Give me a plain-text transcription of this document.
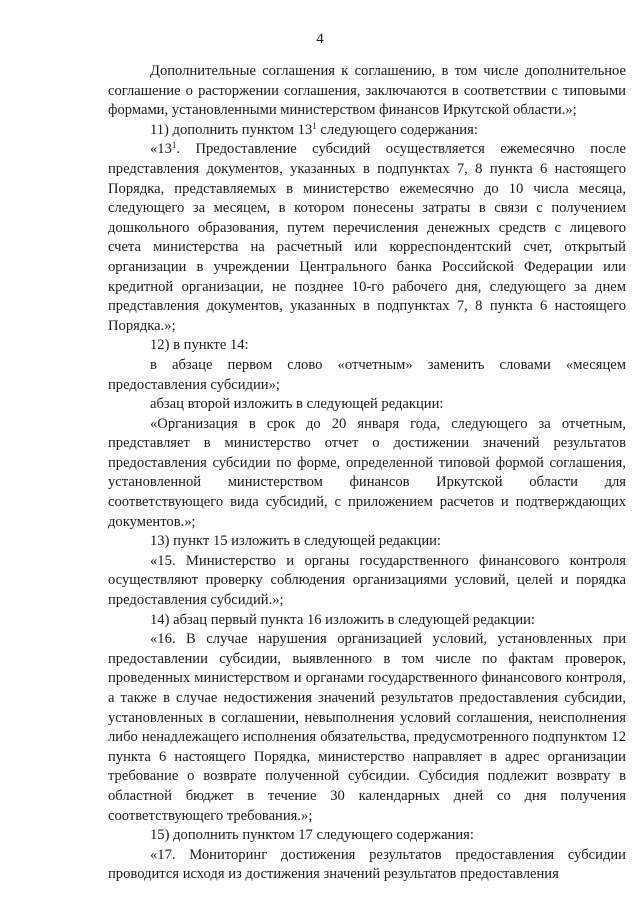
4

Дополнительные соглашения к соглашению, в том числе дополнительное соглашение о расторжении соглашения, заключаются в соответствии с типовыми формами, установленными министерством финансов Иркутской области.»;

11) дополнить пунктом $13^1$ следующего содержания:

«$13^1$. Предоставление субсидий осуществляется ежемесячно после представления документов, указанных в подпунктах 7, 8 пункта 6 настоящего Порядка, представляемых в министерство ежемесячно до 10 числа месяца, следующего за месяцем, в котором понесены затраты в связи с получением дошкольного образования, путем перечисления денежных средств с лицевого счета министерства на расчетный или корреспондентский счет, открытый организации в учреждении Центрального банка Российской Федерации или кредитной организации, не позднее 10-го рабочего дня, следующего за днем представления документов, указанных в подпунктах 7, 8 пункта 6 настоящего Порядка.»;

12) в пункте 14:

в абзаце первом слово «отчетным» заменить словами «месяцем предоставления субсидии»;

абзац второй изложить в следующей редакции:

«Организация в срок до 20 января года, следующего за отчетным, представляет в министерство отчет о достижении значений результатов предоставления субсидии по форме, определенной типовой формой соглашения, установленной министерством финансов Иркутской области для соответствующего вида субсидий, с приложением расчетов и подтверждающих документов.»;

13) пункт 15 изложить в следующей редакции:

«15. Министерство и органы государственного финансового контроля осуществляют проверку соблюдения организациями условий, целей и порядка предоставления субсидий.»;

14) абзац первый пункта 16 изложить в следующей редакции:

«16. В случае нарушения организацией условий, установленных при предоставлении субсидии, выявленного в том числе по фактам проверок, проведенных министерством и органами государственного финансового контроля, а также в случае недостижения значений результатов предоставления субсидии, установленных в соглашении, невыполнения условий соглашения, неисполнения либо ненадлежащего исполнения обязательства, предусмотренного подпунктом 12 пункта 6 настоящего Порядка, министерство направляет в адрес организации требование о возврате полученной субсидии. Субсидия подлежит возврату в областной бюджет в течение 30 календарных дней со дня получения соответствующего требования.»;

15) дополнить пунктом 17 следующего содержания:

«17. Мониторинг достижения результатов предоставления субсидии проводится исходя из достижения значений результатов предоставления
